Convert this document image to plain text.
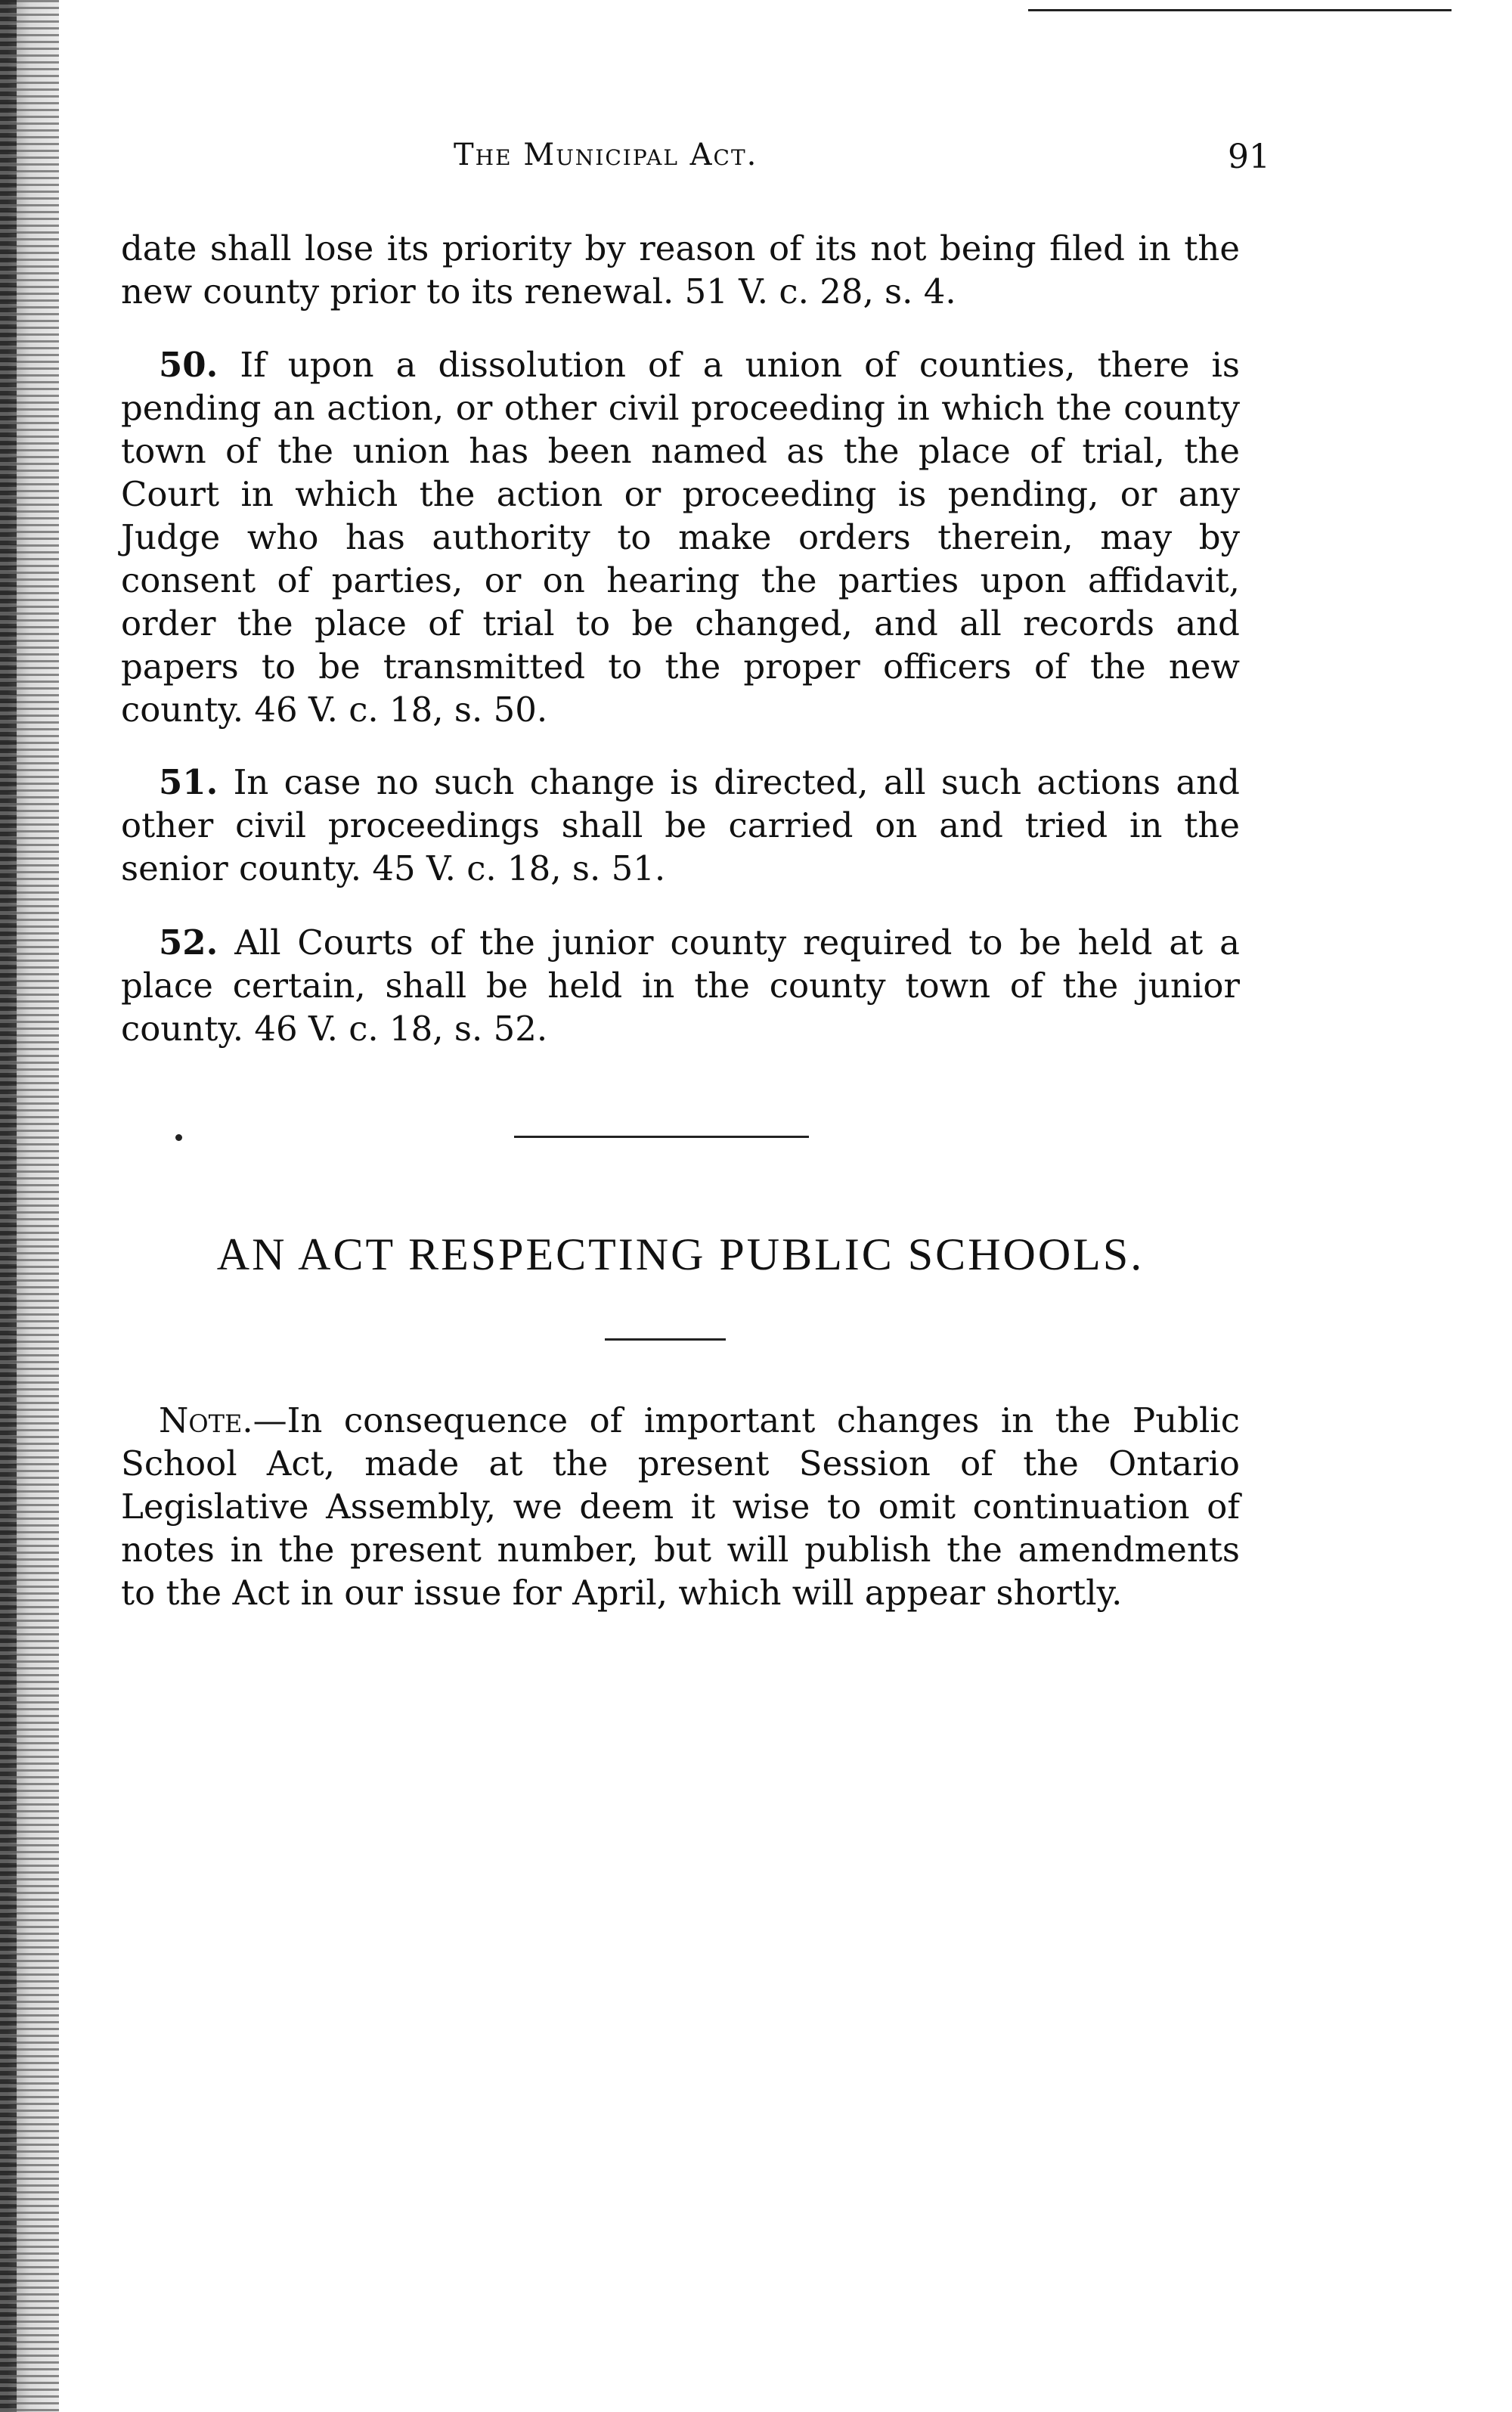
The Municipal Act.	91
date shall lose its priority by reason of its not being filed in the new county prior to its renewal. 51 V. c. 28, s. 4.
50. If upon a dissolution of a union of counties, there is pending an action, or other civil proceeding in which the county town of the union has been named as the place of trial, the Court in which the action or proceeding is pending, or any Judge who has authority to make orders therein, may by consent of parties, or on hearing the parties upon affidavit, order the place of trial to be changed, and all records and papers to be transmitted to the proper officers of the new county. 46 V. c. 18, s. 50.
51. In case no such change is directed, all such actions and other civil proceedings shall be carried on and tried in the senior county. 45 V. c. 18, s. 51.
52. All Courts of the junior county required to be held at a place certain, shall be held in the county town of the junior county. 46 V. c. 18, s. 52.
AN ACT RESPECTING PUBLIC SCHOOLS.
Note.—In consequence of important changes in the Public School Act, made at the present Session of the Ontario Legislative Assembly, we deem it wise to omit continuation of notes in the present number, but will publish the amendments to the Act in our issue for April, which will appear shortly.
